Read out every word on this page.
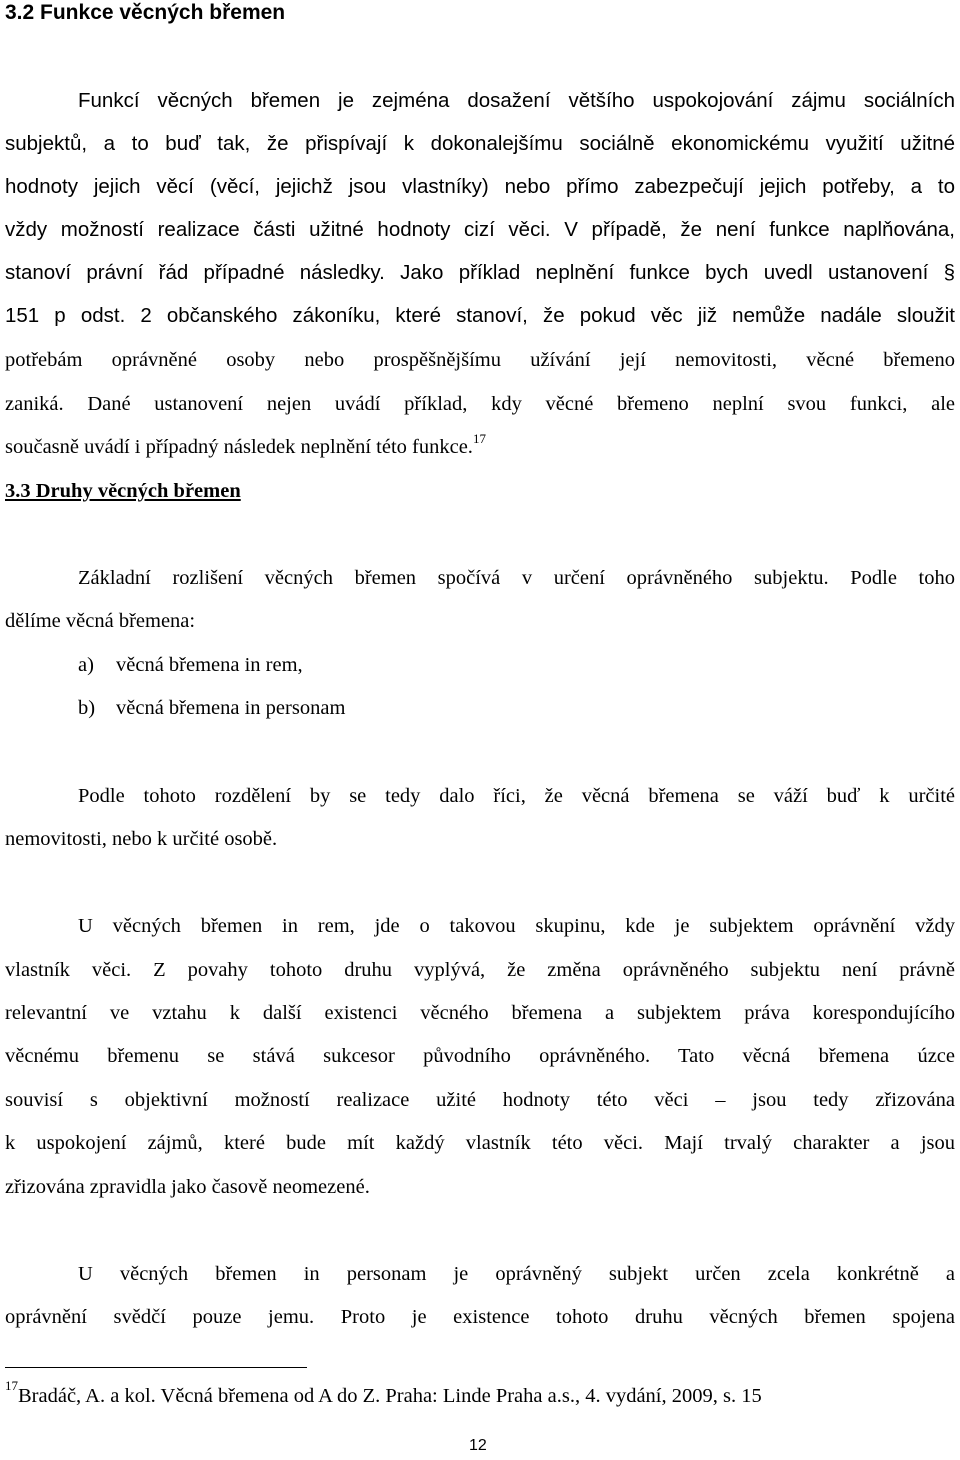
3.2 Funkce věcných břemen
Funkcí věcných břemen je zejména dosažení většího uspokojování zájmu sociálních
subjektů, a to buď tak, že přispívají k dokonalejšímu sociálně ekonomickému využití užitné
hodnoty jejich věcí (věcí, jejichž jsou vlastníky) nebo přímo zabezpečují jejich potřeby, a to
vždy možností realizace části užitné hodnoty cizí věci. V případě, že není funkce naplňována,
stanoví právní řád případné následky. Jako příklad neplnění funkce bych uvedl ustanovení §
151 p odst. 2 občanského zákoníku, které stanoví, že pokud věc již nemůže nadále sloužit
potřebám oprávněné osoby nebo prospěšnějšímu užívání její nemovitosti, věcné břemeno
zaniká. Dané ustanovení nejen uvádí příklad, kdy věcné břemeno neplní svou funkci, ale
současně uvádí i případný následek neplnění této funkce.$^{17}$
3.3 Druhy věcných břemen
Základní rozlišení věcných břemen spočívá v určení oprávněného subjektu. Podle toho
dělíme věcná břemena:
a) věcná břemena in rem,
b) věcná břemena in personam
Podle tohoto rozdělení by se tedy dalo říci, že věcná břemena se váží buď k určité
nemovitosti, nebo k určité osobě.
U věcných břemen in rem, jde o takovou skupinu, kde je subjektem oprávnění vždy
vlastník věci. Z povahy tohoto druhu vyplývá, že změna oprávněného subjektu není právně
relevantní ve vztahu k další existenci věcného břemena a subjektem práva korespondujícího
věcnému břemenu se stává sukcesor původního oprávněného. Tato věcná břemena úzce
souvisí s objektivní možností realizace užité hodnoty této věci – jsou tedy zřizována
k uspokojení zájmů, které bude mít každý vlastník této věci. Mají trvalý charakter a jsou
zřizována zpravidla jako časově neomezené.
U věcných břemen in personam je oprávněný subjekt určen zcela konkrétně a
oprávnění svědčí pouze jemu. Proto je existence tohoto druhu věcných břemen spojena
$^{17}$Bradáč, A. a kol. Věcná břemena od A do Z. Praha: Linde Praha a.s., 4. vydání, 2009, s. 15
12
